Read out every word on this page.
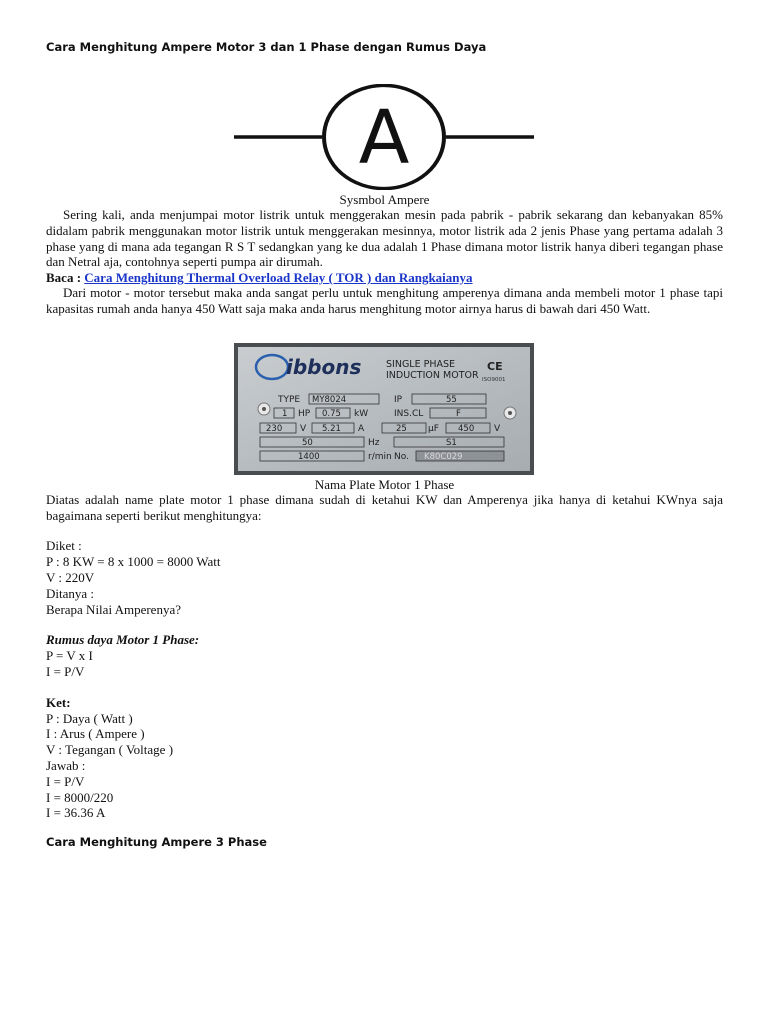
Cara Menghitung Ampere Motor 3 dan 1 Phase dengan Rumus Daya

A

Sysmbol Ampere

Sering kali, anda menjumpai motor listrik untuk menggerakan mesin pada pabrik - pabrik sekarang dan kebanyakan 85% didalam pabrik menggunakan motor listrik untuk menggerakan mesinnya, motor listrik ada 2 jenis Phase yang pertama adalah 3 phase yang di mana ada tegangan R S T sedangkan yang ke dua adalah 1 Phase dimana motor listrik hanya diberi tegangan phase dan Netral aja, contohnya seperti pumpa air dirumah.

Baca : Cara Menghitung Thermal Overload Relay ( TOR ) dan Rangkaianya

Dari motor - motor tersebut maka anda sangat perlu untuk menghitung amperenya dimana anda membeli motor 1 phase tapi kapasitas rumah anda hanya 450 Watt saja maka anda harus menghitung motor airnya harus di bawah dari 450 Watt.

ibbons	SINGLE PHASE
INDUCTION MOTOR
CE
ISO9001
TYPE MY8024	IP	55
1 HP 0.75 kW	INS.CL	F
230 V 5.21 A	25 μF 450 V
50	Hz	S1
1400	r/min No. K80C029

Nama Plate Motor 1 Phase

Diatas adalah name plate motor 1 phase dimana sudah di ketahui KW dan Amperenya jika hanya di ketahui KWnya saja bagaimana seperti berikut menghitungya:

Diket :

P : 8 KW = 8 x 1000 = 8000 Watt

V : 220V

Ditanya :

Berapa Nilai Amperenya?

Rumus daya Motor 1 Phase:

P = V x I

I = P/V

Ket:

P : Daya ( Watt )

I : Arus ( Ampere )

V : Tegangan ( Voltage )

Jawab :

I = P/V

I = 8000/220

I = 36.36 A

Cara Menghitung Ampere 3 Phase
